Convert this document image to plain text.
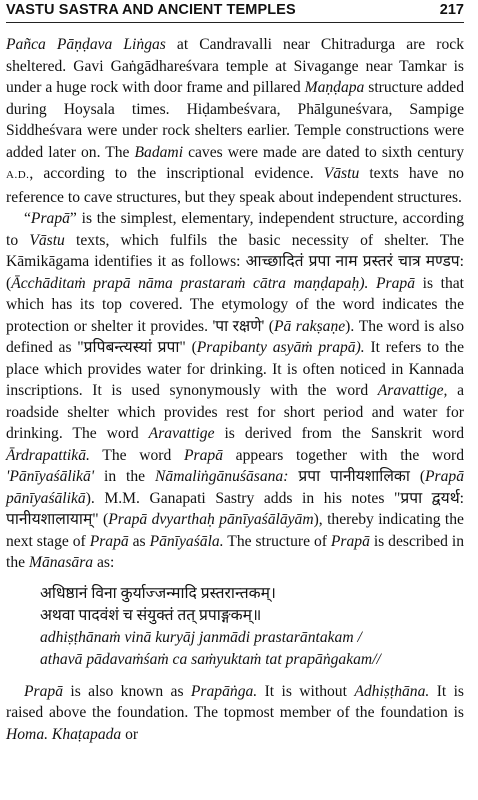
VASTU SASTRA AND ANCIENT TEMPLES	217

Pañca Pāṇḍava Liṅgas at Candravalli near Chitradurga are rock sheltered. Gavi Gaṅgādhareśvara temple at Sivagange near Tamkar is under a huge rock with door frame and pillared Maṇḍapa structure added during Hoysala times. Hiḍambeśvara, Phālguneśvara, Sampige Siddheśvara were under rock shelters earlier. Temple constructions were added later on. The Badami caves were made are dated to sixth century A.D., according to the inscriptional evidence. Vāstu texts have no reference to cave structures, but they speak about independent structures.

“Prapā” is the simplest, elementary, independent structure, according to Vāstu texts, which fulfils the basic necessity of shelter. The Kāmikāgama identifies it as follows: आच्छादितं प्रपा नाम प्रस्तरं चात्र मण्डप: (Ācchāditaṁ prapā nāma prastaraṁ cātra maṇḍapaḥ). Prapā is that which has its top covered. The etymology of the word indicates the protection or shelter it provides. 'पा रक्षणे' (Pā rakṣaṇe). The word is also defined as "प्रपिबन्त्यस्यां प्रपा" (Prapibanty asyāṁ prapā). It refers to the place which provides water for drinking. It is often noticed in Kannada inscriptions. It is used synonymously with the word Aravattige, a roadside shelter which provides rest for short period and water for drinking. The word Aravattige is derived from the Sanskrit word Ārdrapattikā. The word Prapā appears together with the word 'Pānīyaśālikā' in the Nāmaliṅgānuśāsana: प्रपा पानीयशालिका (Prapā pānīyaśālikā). M.M. Ganapati Sastry adds in his notes "प्रपा द्वयर्थ: पानीयशालायाम्" (Prapā dvyarthaḥ pānīyaśālāyām), thereby indicating the next stage of Prapā as Pānīyaśāla. The structure of Prapā is described in the Mānasāra as:

अधिष्ठानं विना कुर्याज्जन्मादि प्रस्तरान्तकम्।
अथवा पादवंशं च संयुक्तं तत् प्रपाङ्गकम्॥
adhiṣṭhānaṁ vinā kuryāj janmādi prastarāntakam /
athavā pādavaṁśaṁ ca saṁyuktaṁ tat prapāṅgakam//

Prapā is also known as Prapāṅga. It is without Adhiṣṭhāna. It is raised above the foundation. The topmost member of the foundation is Homa. Khaṭapada or
